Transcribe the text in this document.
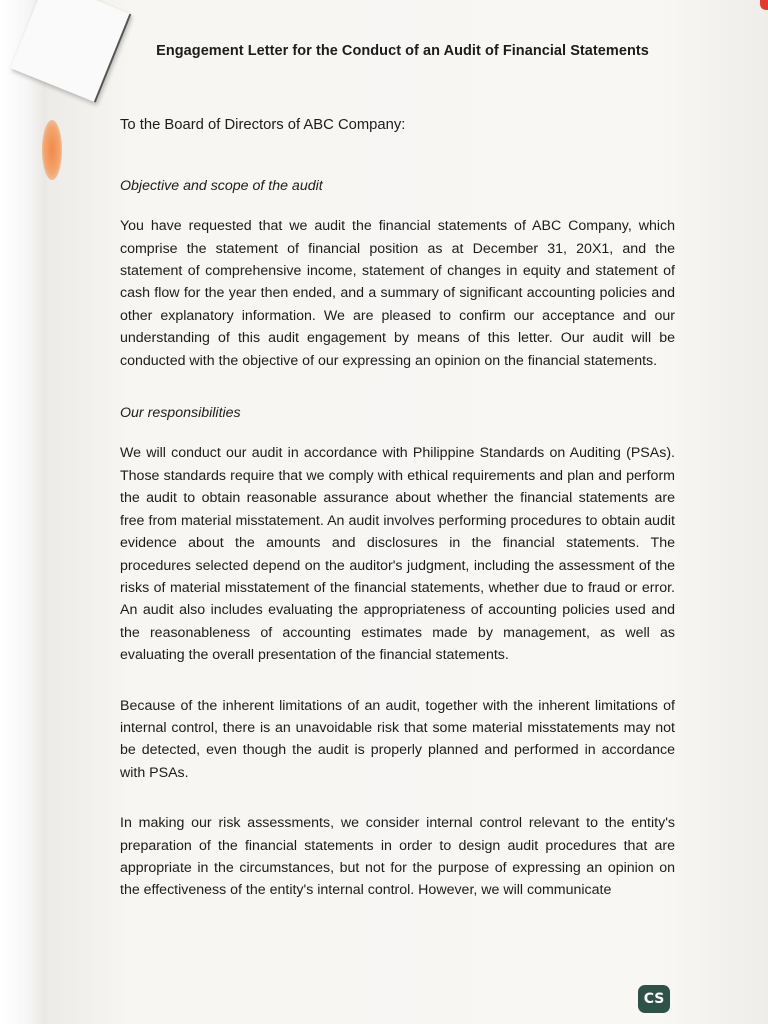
Engagement Letter for the Conduct of an Audit of Financial Statements
To the Board of Directors of ABC Company:
Objective and scope of the audit

You have requested that we audit the financial statements of ABC Company, which comprise the statement of financial position as at December 31, 20X1, and the statement of comprehensive income, statement of changes in equity and statement of cash flow for the year then ended, and a summary of significant accounting policies and other explanatory information. We are pleased to confirm our acceptance and our understanding of this audit engagement by means of this letter. Our audit will be conducted with the objective of our expressing an opinion on the financial statements.

Our responsibilities

We will conduct our audit in accordance with Philippine Standards on Auditing (PSAs). Those standards require that we comply with ethical requirements and plan and perform the audit to obtain reasonable assurance about whether the financial statements are free from material misstatement. An audit involves performing procedures to obtain audit evidence about the amounts and disclosures in the financial statements. The procedures selected depend on the auditor's judgment, including the assessment of the risks of material misstatement of the financial statements, whether due to fraud or error. An audit also includes evaluating the appropriateness of accounting policies used and the reasonableness of accounting estimates made by management, as well as evaluating the overall presentation of the financial statements.

Because of the inherent limitations of an audit, together with the inherent limitations of internal control, there is an unavoidable risk that some material misstatements may not be detected, even though the audit is properly planned and performed in accordance with PSAs.

In making our risk assessments, we consider internal control relevant to the entity's preparation of the financial statements in order to design audit procedures that are appropriate in the circumstances, but not for the purpose of expressing an opinion on the effectiveness of the entity's internal control. However, we will communicate

CS
